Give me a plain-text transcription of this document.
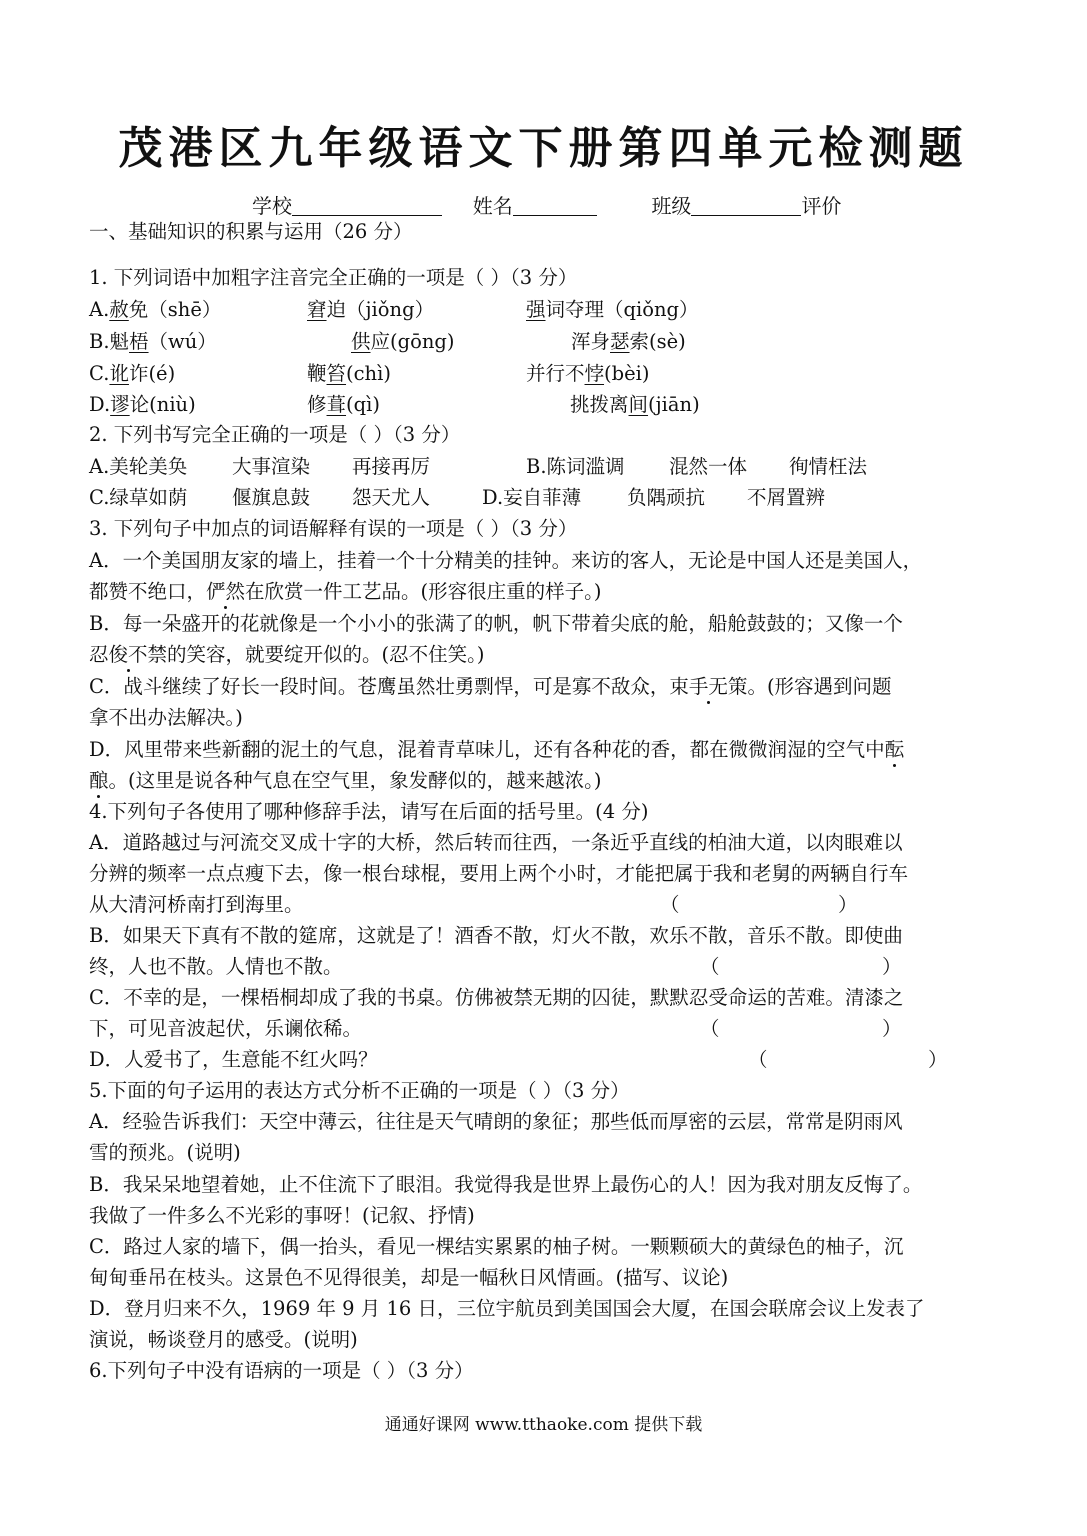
茂港区九年级语文下册第四单元检测题
学校	姓名	班级	评价
一、基础知识的积累与运用（26 分）
1. 下列词语中加粗字注音完全正确的一项是（ ）（3 分）
A.赦免（shē）	窘迫（jiǒng）	强词夺理（qiǒng）
B.魁梧（wú）	供应(gōng)	浑身瑟索(sè)
C.讹诈(é)	鞭笞(chì)	并行不悖(bèi)
D.谬论(niù)	修葺(qì)	挑拨离间(jiān)
2. 下列书写完全正确的一项是（ ）（3 分）
A.美轮美奂 大事渲染 再接再厉	B.陈词滥调 混然一体 徇情枉法
C.绿草如荫 偃旗息鼓 怨天尤人	D.妄自菲薄 负隅顽抗 不屑置辨
3. 下列句子中加点的词语解释有误的一项是（ ）（3 分）
A．一个美国朋友家的墙上，挂着一个十分精美的挂钟。来访的客人，无论是中国人还是美国人，
都赞不绝口，俨然在欣赏一件工艺品。(形容很庄重的样子。)
B．每一朵盛开的花就像是一个小小的张满了的帆，帆下带着尖底的舱，船舱鼓鼓的；又像一个
忍俊不禁的笑容，就要绽开似的。(忍不住笑。)
C．战斗继续了好长一段时间。苍鹰虽然壮勇剽悍，可是寡不敌众，束手无策。(形容遇到问题
拿不出办法解决。)
D．风里带来些新翻的泥土的气息，混着青草味儿，还有各种花的香，都在微微润湿的空气中酝
酿。(这里是说各种气息在空气里，象发酵似的，越来越浓。)
4.下列句子各使用了哪种修辞手法，请写在后面的括号里。(4 分)
A．道路越过与河流交叉成十字的大桥，然后转而往西，一条近乎直线的柏油大道，以肉眼难以
分辨的频率一点点瘦下去，像一根台球棍，要用上两个小时，才能把属于我和老舅的两辆自行车
从大清河桥南打到海里。	（	）
B．如果天下真有不散的筵席，这就是了！酒香不散，灯火不散，欢乐不散，音乐不散。即使曲
终，人也不散。人情也不散。	（	）
C．不幸的是，一棵梧桐却成了我的书桌。仿佛被禁无期的囚徒，默默忍受命运的苦难。清漆之
下，可见音波起伏，乐谰依稀。	（	）
D．人爱书了，生意能不红火吗？	（	）
5.下面的句子运用的表达方式分析不正确的一项是（ ）（3 分）
A．经验告诉我们：天空中薄云，往往是天气晴朗的象征；那些低而厚密的云层，常常是阴雨风
雪的预兆。(说明)
B．我呆呆地望着她，止不住流下了眼泪。我觉得我是世界上最伤心的人！因为我对朋友反悔了。
我做了一件多么不光彩的事呀！(记叙、抒情)
C．路过人家的墙下，偶一抬头，看见一棵结实累累的柚子树。一颗颗硕大的黄绿色的柚子，沉
甸甸垂吊在枝头。这景色不见得很美，却是一幅秋日风情画。(描写、议论)
D．登月归来不久，1969 年 9 月 16 日，三位宇航员到美国国会大厦，在国会联席会议上发表了
演说，畅谈登月的感受。(说明)
6.下列句子中没有语病的一项是（ ）（3 分）
通通好课网 www.tthaoke.com 提供下载
